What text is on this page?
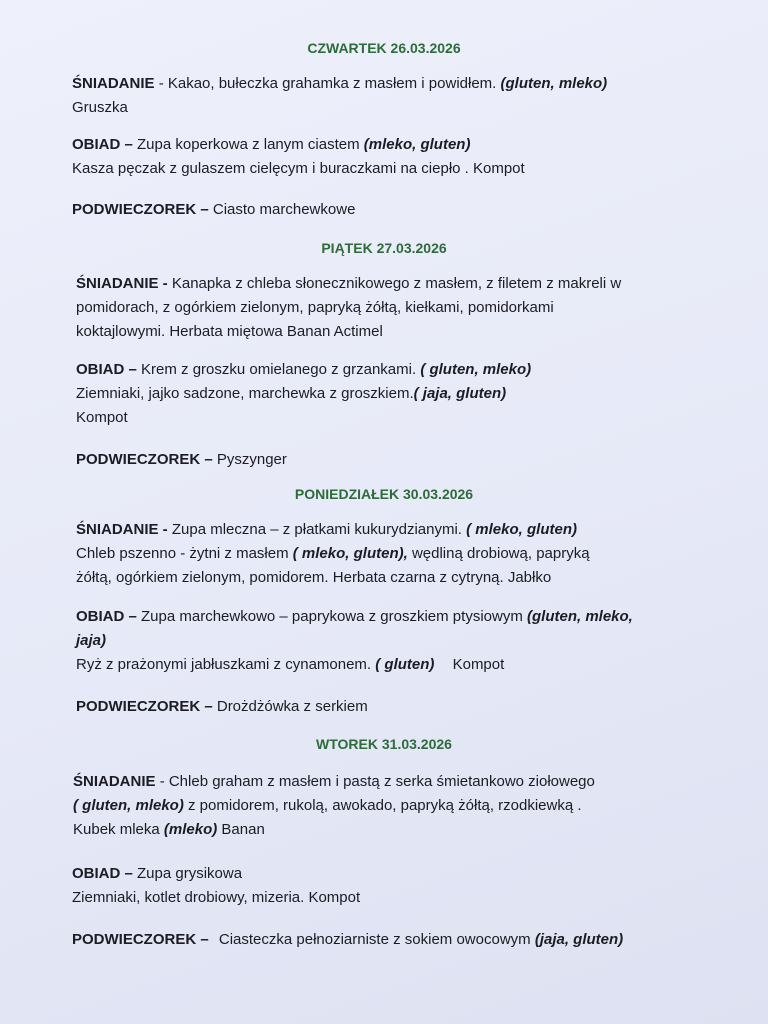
CZWARTEK 26.03.2026
ŚNIADANIE - Kakao, bułeczka grahamka z masłem i powidłem. (gluten, mleko)
Gruszka
OBIAD – Zupa koperkowa z lanym ciastem (mleko, gluten)
Kasza pęczak z gulaszem cielęcym i buraczkami na ciepło . Kompot
PODWIECZOREK – Ciasto marchewkowe
PIĄTEK 27.03.2026
ŚNIADANIE - Kanapka z chleba słonecznikowego z masłem, z filetem z makreli w
pomidorach, z ogórkiem zielonym, papryką żółtą, kiełkami, pomidorkami
koktajlowymi. Herbata miętowa Banan Actimel
OBIAD – Krem z groszku omielanego z grzankami. ( gluten, mleko)
Ziemniaki, jajko sadzone, marchewka z groszkiem.( jaja, gluten)
Kompot
PODWIECZOREK – Pyszynger
PONIEDZIAŁEK 30.03.2026
ŚNIADANIE - Zupa mleczna – z płatkami kukurydzianymi. ( mleko, gluten)
Chleb pszenno - żytni z masłem ( mleko, gluten), wędliną drobiową, papryką
żółtą, ogórkiem zielonym, pomidorem. Herbata czarna z cytryną. Jabłko
OBIAD – Zupa marchewkowo – paprykowa z groszkiem ptysiowym (gluten, mleko,
jaja)
Ryż z prażonymi jabłuszkami z cynamonem. ( gluten) Kompot
PODWIECZOREK – Drożdżówka z serkiem
WTOREK 31.03.2026
ŚNIADANIE - Chleb graham z masłem i pastą z serka śmietankowo ziołowego
( gluten, mleko) z pomidorem, rukolą, awokado, papryką żółtą, rzodkiewką .
Kubek mleka (mleko) Banan
OBIAD – Zupa grysikowa
Ziemniaki, kotlet drobiowy, mizeria. Kompot
PODWIECZOREK – Ciasteczka pełnoziarniste z sokiem owocowym (jaja, gluten)
